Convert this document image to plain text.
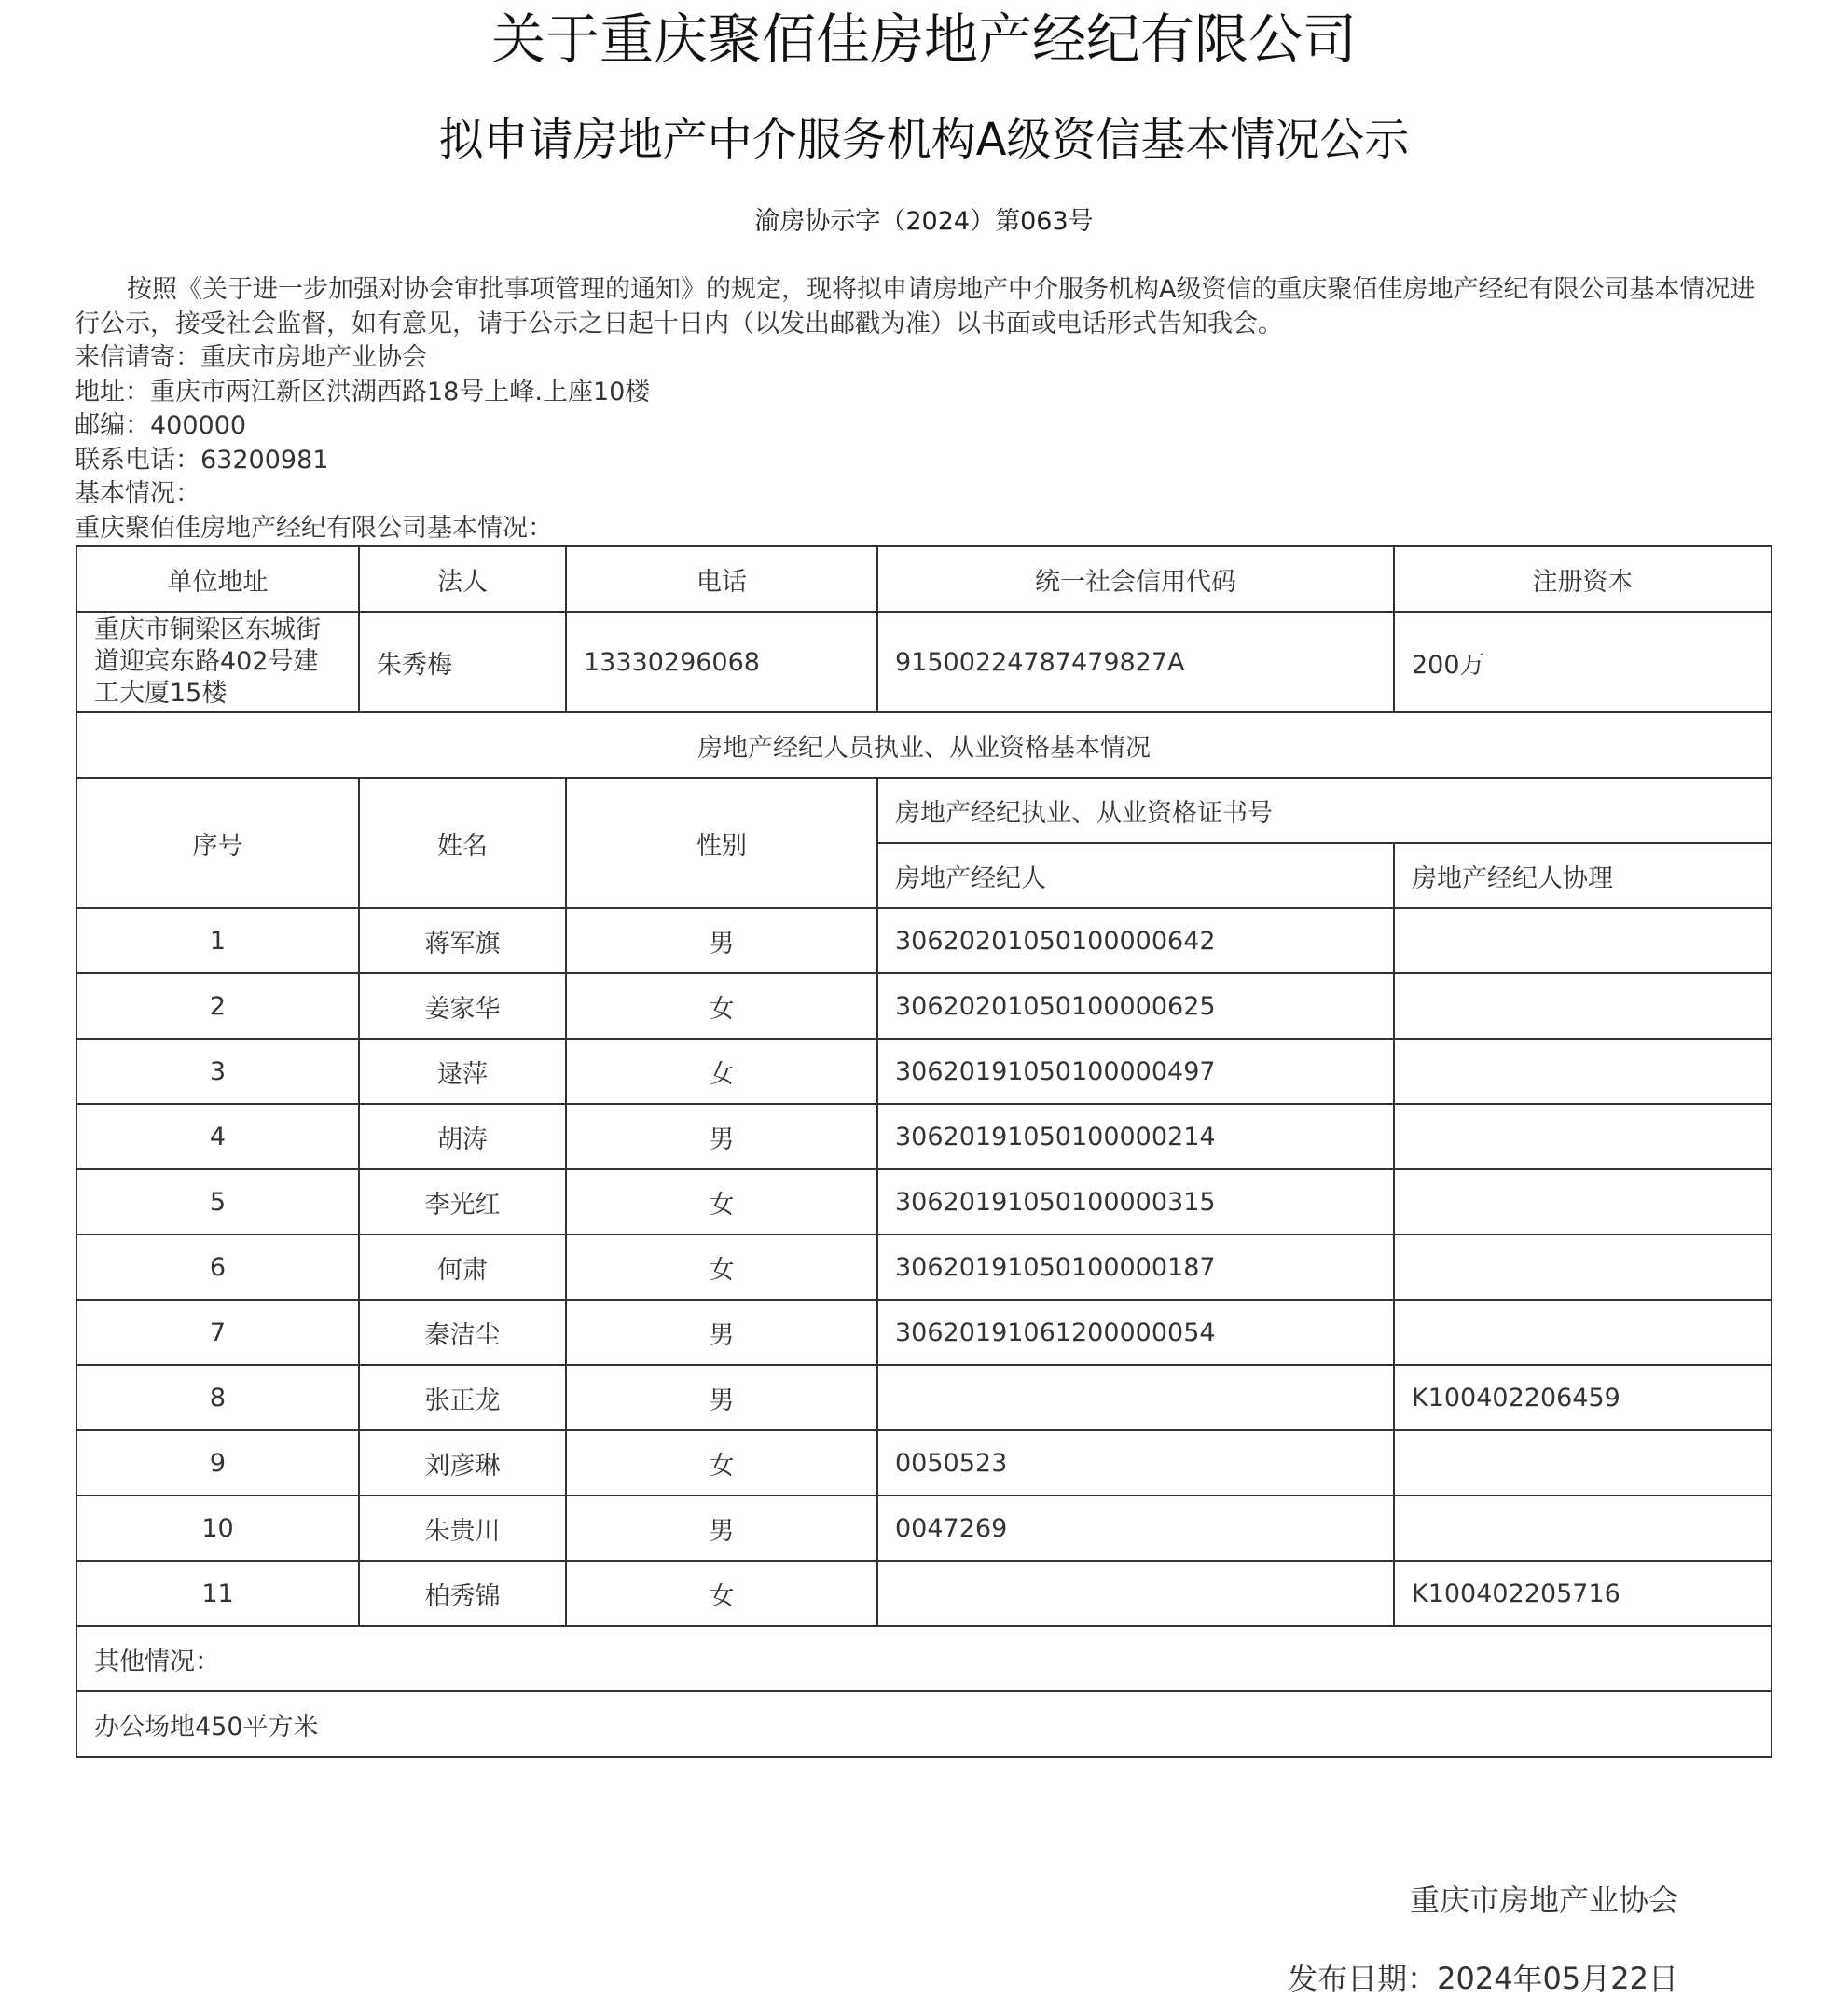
关于重庆聚佰佳房地产经纪有限公司
拟申请房地产中介服务机构A级资信基本情况公示
渝房协示字（2024）第063号

按照《关于进一步加强对协会审批事项管理的通知》的规定，现将拟申请房地产中介服务机构A级资信的重庆聚佰佳房地产经纪有限公司基本情况进行公示，接受社会监督，如有意见，请于公示之日起十日内（以发出邮戳为准）以书面或电话形式告知我会。

来信请寄：重庆市房地产业协会

地址：重庆市两江新区洪湖西路18号上峰.上座10楼

邮编：400000

联系电话：63200981

基本情况：

重庆聚佰佳房地产经纪有限公司基本情况：

单位地址	法人	电话	统一社会信用代码	注册资本
重庆市铜梁区东城街道迎宾东路402号建工大厦15楼	朱秀梅	13330296068	91500224787479827A	200万
房地产经纪人员执业、从业资格基本情况				
序号	姓名	性别	房地产经纪执业、从业资格证书号	
			房地产经纪人	房地产经纪人协理
1	蒋军旗	男	30620201050100000642	
2	姜家华	女	30620201050100000625	
3	逯萍	女	30620191050100000497	
4	胡涛	男	30620191050100000214	
5	李光红	女	30620191050100000315	
6	何肃	女	30620191050100000187	
7	秦洁尘	男	30620191061200000054	
8	张正龙	男		K100402206459
9	刘彦琳	女	0050523	
10	朱贵川	男	0047269	
11	柏秀锦	女		K100402205716
其他情况：				
办公场地450平方米				
重庆市房地产业协会
发布日期：2024年05月22日
